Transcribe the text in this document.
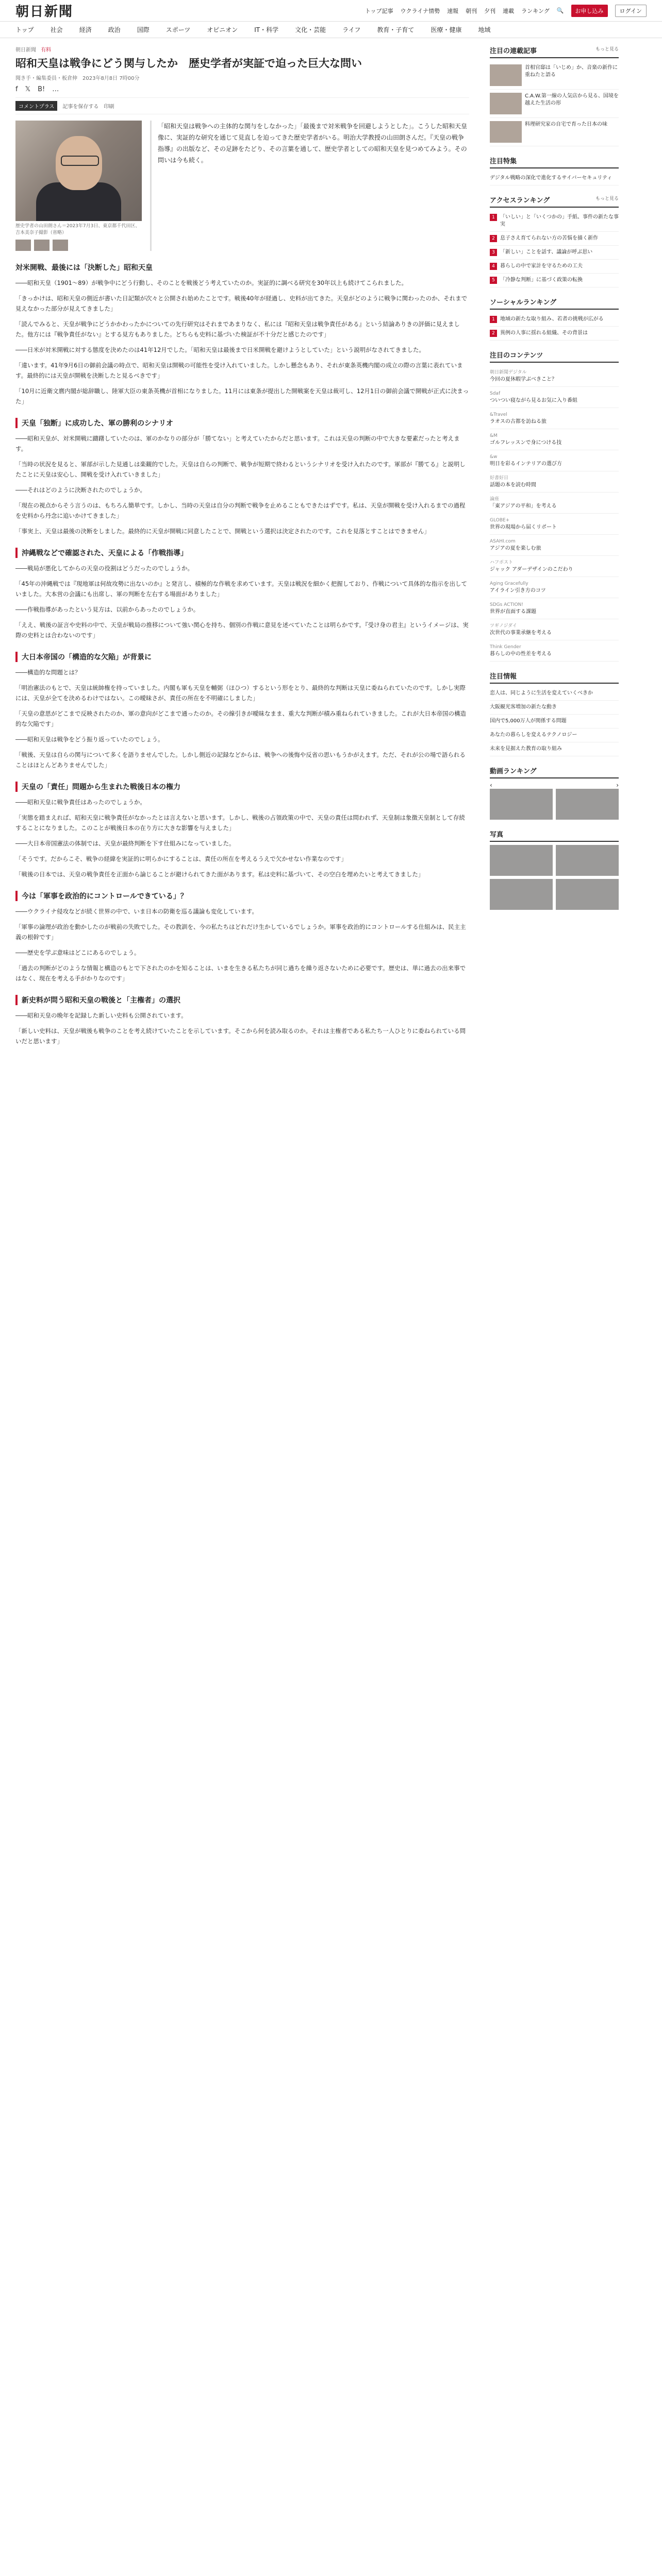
朝日新聞	トップ記事 ウクライナ情勢 速報 朝刊 夕刊 連載 ランキング 🔍	お申し込み	ログイン
トップ	社会	経済	政治	国際	スポーツ	オピニオン	IT・科学	文化・芸能	ライフ	教育・子育て	医療・健康	地域
朝日新聞 有料
昭和天皇は戦争にどう関与したか　歴史学者が実証で迫った巨大な問い
聞き手・編集委員・板倉伸　2023年8月8日 7時00分
f 𝕏 B! …
コメントプラス	記事を保存する 印刷
歴史学者の山田朗さん＝2023年7月3日、東京都千代田区、吉本美奈子撮影（省略）
「昭和天皇は戦争への主体的な関与をしなかった」「最後まで対米戦争を回避しようとした」。こうした昭和天皇像に、実証的な研究を通じて見直しを迫ってきた歴史学者がいる。明治大学教授の山田朗さんだ。『天皇の戦争指導』の出版など、その足跡をたどり、その言葉を通して、歴史学者としての昭和天皇を見つめてみよう。その問いは今も続く。
対米開戦、最後には「決断した」昭和天皇

――昭和天皇（1901～89）が戦争中にどう行動し、そのことを戦後どう考えていたのか。実証的に調べる研究を30年以上も続けてこられました。

「きっかけは、昭和天皇の側近が書いた日記類が次々と公開され始めたことです。戦後40年が経過し、史料が出てきた。天皇がどのように戦争に関わったのか、それまで見えなかった部分が見えてきました」

「読んでみると、天皇が戦争にどうかかわったかについての先行研究はそれまであまりなく、私には『昭和天皇は戦争責任がある』という結論ありきの評価に見えました。他方には『戦争責任がない』とする見方もありました。どちらも史料に基づいた検証が不十分だと感じたのです」

――日米が対米開戦に対する態度を決めたのは41年12月でした。「昭和天皇は最後まで日米開戦を避けようとしていた」という説明がなされてきました。

「違います。41年9月6日の御前会議の時点で、昭和天皇は開戦の可能性を受け入れていました。しかし懸念もあり、それが東条英機内閣の成立の際の言葉に表れています。最終的には天皇が開戦を決断したと見るべきです」

「10月に近衛文麿内閣が総辞職し、陸軍大臣の東条英機が首相になりました。11月には東条が提出した開戦案を天皇は裁可し、12月1日の御前会議で開戦が正式に決まった」

天皇「独断」に成功した、軍の勝利のシナリオ

――昭和天皇が、対米開戦に躊躇していたのは、軍のかなりの部分が「勝てない」と考えていたからだと思います。これは天皇の判断の中で大きな要素だったと考えます。

「当時の状況を見ると、軍部が示した見通しは楽観的でした。天皇は自らの判断で、戦争が短期で終わるというシナリオを受け入れたのです。軍部が『勝てる』と説明したことに天皇は安心し、開戦を受け入れていきました」

――それはどのように決断されたのでしょうか。

「現在の視点からそう言うのは、もちろん簡単です。しかし、当時の天皇は自分の判断で戦争を止めることもできたはずです。私は、天皇が開戦を受け入れるまでの過程を史料から丹念に追いかけてきました」

「事実上、天皇は最後の決断をしました。最終的に天皇が開戦に同意したことで、開戦という選択は決定されたのです。これを見落とすことはできません」

沖縄戦などで確認された、天皇による「作戦指導」

――戦局が悪化してからの天皇の役割はどうだったのでしょうか。

「45年の沖縄戦では『現地軍は何故攻勢に出ないのか』と発言し、積極的な作戦を求めています。天皇は戦況を細かく把握しており、作戦について具体的な指示を出していました。大本営の会議にも出席し、軍の判断を左右する場面がありました」

――作戦指導があったという見方は、以前からあったのでしょうか。

「ええ、戦後の証言や史料の中で、天皇が戦局の推移について強い関心を持ち、個別の作戦に意見を述べていたことは明らかです。『受け身の君主』というイメージは、実際の史料とは合わないのです」

大日本帝国の「構造的な欠陥」が背景に

――構造的な問題とは？

「明治憲法のもとで、天皇は統帥権を持っていました。内閣も軍も天皇を輔弼（ほひつ）するという形をとり、最終的な判断は天皇に委ねられていたのです。しかし実際には、天皇が全てを決めるわけではない。この曖昧さが、責任の所在を不明確にしました」

「天皇の意思がどこまで反映されたのか、軍の意向がどこまで通ったのか。その線引きが曖昧なまま、重大な判断が積み重ねられていきました。これが大日本帝国の構造的な欠陥です」

――昭和天皇は戦争をどう振り返っていたのでしょう。

「戦後、天皇は自らの関与について多くを語りませんでした。しかし側近の記録などからは、戦争への後悔や反省の思いもうかがえます。ただ、それが公の場で語られることはほとんどありませんでした」

天皇の「責任」問題から生まれた戦後日本の権力

――昭和天皇に戦争責任はあったのでしょうか。

「実態を踏まえれば、昭和天皇に戦争責任がなかったとは言えないと思います。しかし、戦後の占領政策の中で、天皇の責任は問われず、天皇制は象徴天皇制として存続することになりました。このことが戦後日本の在り方に大きな影響を与えました」

――大日本帝国憲法の体制では、天皇が最終判断を下す仕組みになっていました。

「そうです。だからこそ、戦争の経緯を実証的に明らかにすることは、責任の所在を考えるうえで欠かせない作業なのです」

「戦後の日本では、天皇の戦争責任を正面から論じることが避けられてきた面があります。私は史料に基づいて、その空白を埋めたいと考えてきました」

今は「軍事を政治的にコントロールできている」？

――ウクライナ侵攻などが続く世界の中で、いま日本の防衛を巡る議論も変化しています。

「軍事の論理が政治を動かしたのが戦前の失敗でした。その教訓を、今の私たちはどれだけ生かしているでしょうか。軍事を政治的にコントロールする仕組みは、民主主義の根幹です」

――歴史を学ぶ意味はどこにあるのでしょう。

「過去の判断がどのような情報と構造のもとで下されたのかを知ることは、いまを生きる私たちが同じ過ちを繰り返さないために必要です。歴史は、単に過去の出来事ではなく、現在を考える手がかりなのです」

新史料が問う昭和天皇の戦後と「主権者」の選択

――昭和天皇の晩年を記録した新しい史料も公開されています。

「新しい史料は、天皇が戦後も戦争のことを考え続けていたことを示しています。そこから何を読み取るのか。それは主権者である私たち一人ひとりに委ねられている問いだと思います」

注目の連載記事	もっと見る
首相官邸は「いじめ」か、音楽の新作に重ねたと語る
C.A.W.第一線の人気店から見る、国境を越えた生活の形
料理研究家の自宅で育った日本の味
注目特集
デジタル戦略の深化で進化するサイバーセキュリティ
アクセスランキング	もっと見る
1	「いしい」と「いくつかの」手紙、事件の新たな事実
2	息子さえ育てられない方の苦悩を描く新作
3	「新しい」ことを話す、議論が呼ぶ思い
4	暮らしの中で家計を守るための工夫
5	「冷静な判断」に基づく政策の転換
ソーシャルランキング
1	地域の新たな取り組み、若者の挑戦が広がる
2	異例の人事に揺れる組織、その背景は
注目のコンテンツ
朝日新聞デジタル
今回の夏休暇学ぶべきこと？
Sdaf
ついつい寝ながら見るお気に入り番組
&Travel
ラオスの古都を訪ねる旅
&M
ゴルフレッスンで身につける技
&w
明日を彩るインテリアの選び方
好書好日
話題の本を読む時間
論座
「東アジアの平和」を考える
GLOBE+
世界の現場から届くリポート
ASAHI.com
アジアの夏を楽しむ旅
ハフポスト
ジャック アダーデザインのこだわり
Aging Gracefully
アイライン引き方のコツ
SDGs ACTION!
世界が直面する課題
ツギノジダイ
次世代の事業承継を考える
Think Gender
暮らしの中の性差を考える
注目情報
恋人は、同じように生活を変えていくべきか
大阪観光客増加の新たな動き
国内で5,000万人が関係する問題
あなたの暮らしを変えるテクノロジー
未来を見据えた教育の取り組み
動画ランキング
‹	›
写真
